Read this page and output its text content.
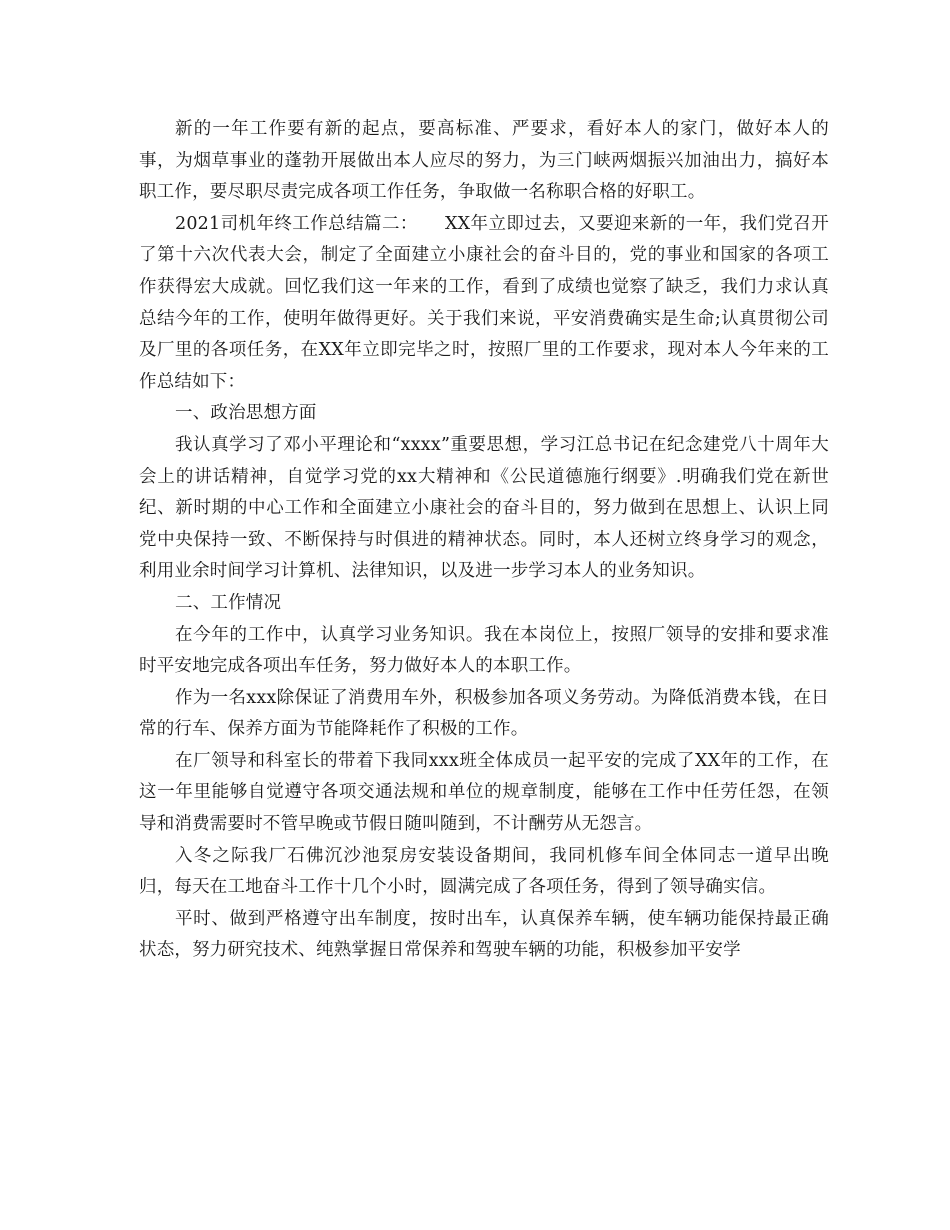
新的一年工作要有新的起点，要高标准、严要求，看好本人的家门，做好本人的事，为烟草事业的蓬勃开展做出本人应尽的努力，为三门峡两烟振兴加油出力，搞好本职工作，要尽职尽责完成各项工作任务，争取做一名称职合格的好职工。

2021司机年终工作总结篇二：　　XX年立即过去，又要迎来新的一年，我们党召开了第十六次代表大会，制定了全面建立小康社会的奋斗目的，党的事业和国家的各项工作获得宏大成就。回忆我们这一年来的工作，看到了成绩也觉察了缺乏，我们力求认真总结今年的工作，使明年做得更好。关于我们来说，平安消费确实是生命;认真贯彻公司及厂里的各项任务，在XX年立即完毕之时，按照厂里的工作要求，现对本人今年来的工作总结如下：

一、政治思想方面

我认真学习了邓小平理论和“xxxx”重要思想，学习江总书记在纪念建党八十周年大会上的讲话精神，自觉学习党的xx大精神和《公民道德施行纲要》.明确我们党在新世纪、新时期的中心工作和全面建立小康社会的奋斗目的，努力做到在思想上、认识上同党中央保持一致、不断保持与时俱进的精神状态。同时，本人还树立终身学习的观念，利用业余时间学习计算机、法律知识，以及进一步学习本人的业务知识。

二、工作情况

在今年的工作中，认真学习业务知识。我在本岗位上，按照厂领导的安排和要求准时平安地完成各项出车任务，努力做好本人的本职工作。

作为一名xxx除保证了消费用车外，积极参加各项义务劳动。为降低消费本钱，在日常的行车、保养方面为节能降耗作了积极的工作。

在厂领导和科室长的带着下我同xxx班全体成员一起平安的完成了XX年的工作，在这一年里能够自觉遵守各项交通法规和单位的规章制度，能够在工作中任劳任怨，在领导和消费需要时不管早晚或节假日随叫随到，不计酬劳从无怨言。

入冬之际我厂石佛沉沙池泵房安装设备期间，我同机修车间全体同志一道早出晚归，每天在工地奋斗工作十几个小时，圆满完成了各项任务，得到了领导确实信。

平时、做到严格遵守出车制度，按时出车，认真保养车辆，使车辆功能保持最正确状态，努力研究技术、纯熟掌握日常保养和驾驶车辆的功能，积极参加平安学
